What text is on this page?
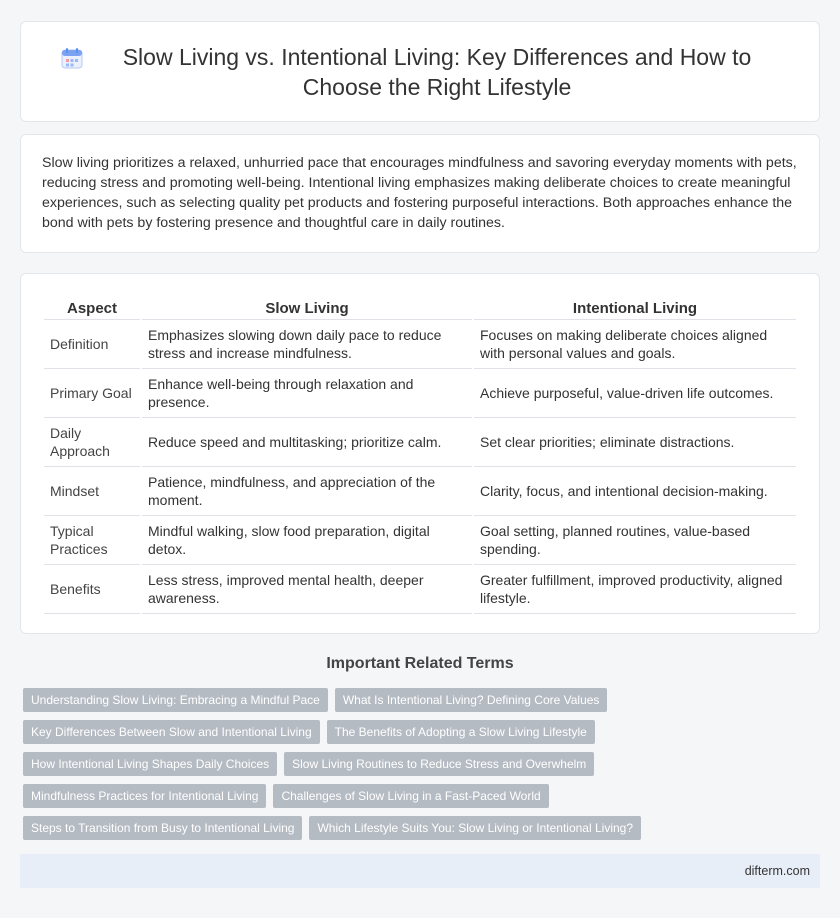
Slow Living vs. Intentional Living: Key Differences and How to Choose the Right Lifestyle

Slow living prioritizes a relaxed, unhurried pace that encourages mindfulness and savoring everyday moments with pets, reducing stress and promoting well-being. Intentional living emphasizes making deliberate choices to create meaningful experiences, such as selecting quality pet products and fostering purposeful interactions. Both approaches enhance the bond with pets by fostering presence and thoughtful care in daily routines.

Aspect	Slow Living	Intentional Living
Definition	Emphasizes slowing down daily pace to reduce stress and increase mindfulness.	Focuses on making deliberate choices aligned with personal values and goals.
Primary Goal	Enhance well-being through relaxation and presence.	Achieve purposeful, value-driven life outcomes.
Daily Approach	Reduce speed and multitasking; prioritize calm.	Set clear priorities; eliminate distractions.
Mindset	Patience, mindfulness, and appreciation of the moment.	Clarity, focus, and intentional decision-making.
Typical Practices	Mindful walking, slow food preparation, digital detox.	Goal setting, planned routines, value-based spending.
Benefits	Less stress, improved mental health, deeper awareness.	Greater fulfillment, improved productivity, aligned lifestyle.
Important Related Terms
Understanding Slow Living: Embracing a Mindful Pace	What Is Intentional Living? Defining Core Values
Key Differences Between Slow and Intentional Living	The Benefits of Adopting a Slow Living Lifestyle
How Intentional Living Shapes Daily Choices	Slow Living Routines to Reduce Stress and Overwhelm
Mindfulness Practices for Intentional Living	Challenges of Slow Living in a Fast-Paced World
Steps to Transition from Busy to Intentional Living	Which Lifestyle Suits You: Slow Living or Intentional Living?
difterm.com
